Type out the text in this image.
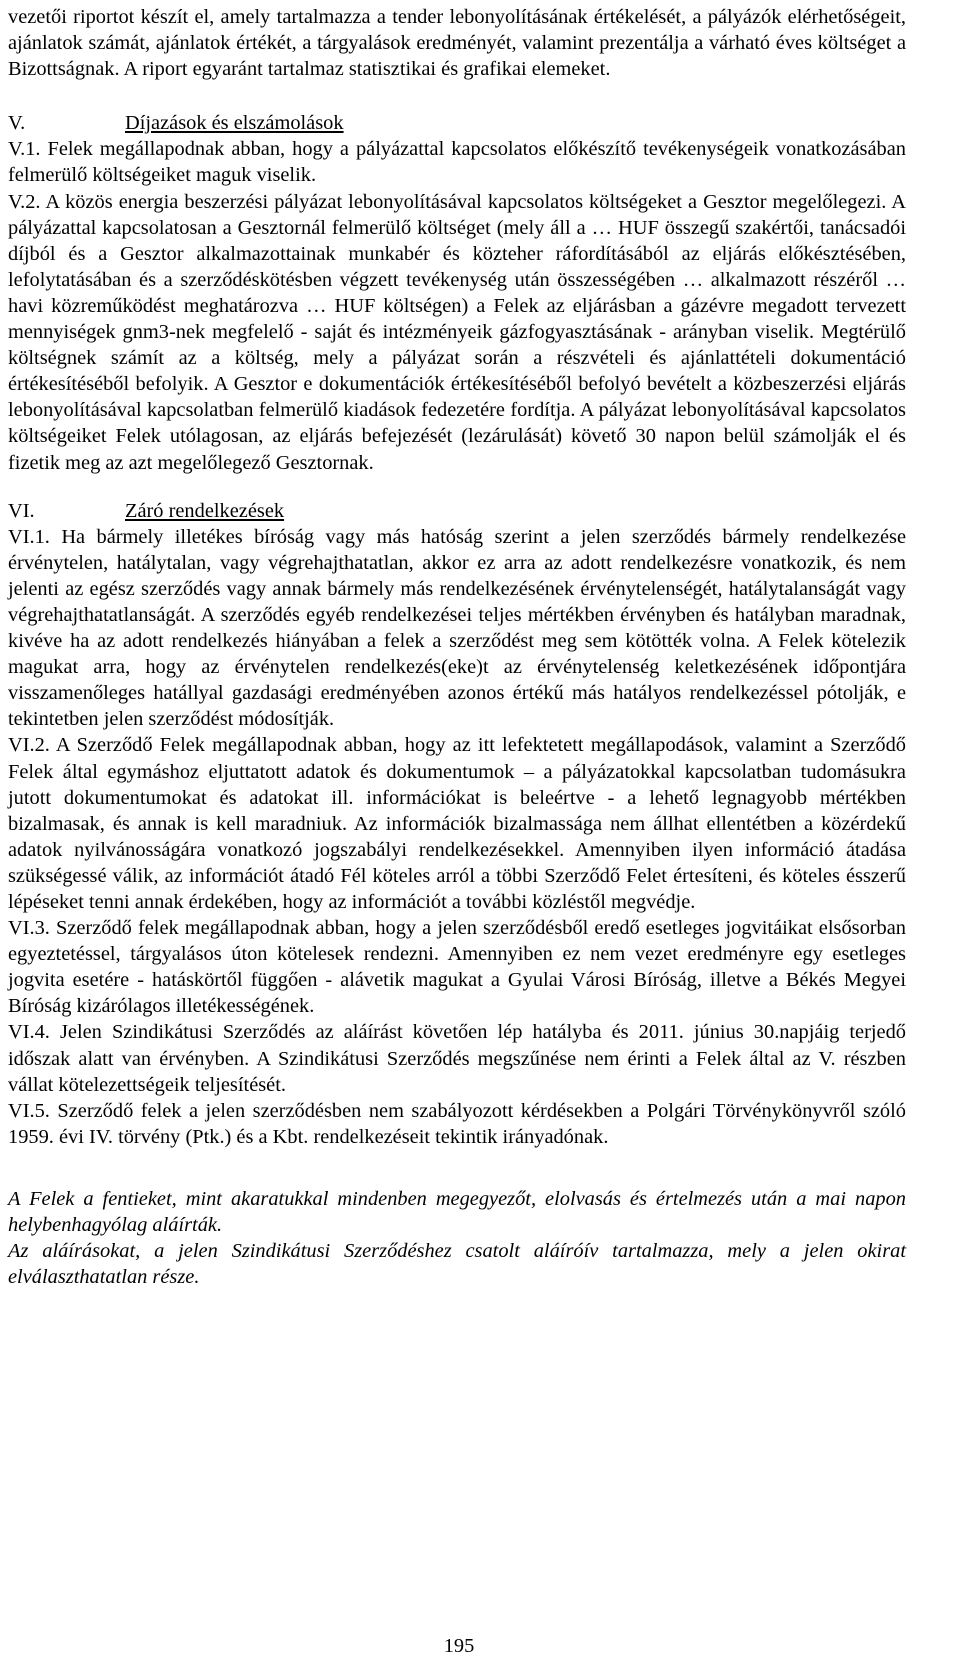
vezetői riportot készít el, amely tartalmazza a tender lebonyolításának értékelését, a pályázók elérhetőségeit, ajánlatok számát, ajánlatok értékét, a tárgyalások eredményét, valamint prezentálja a várható éves költséget a Bizottságnak. A riport egyaránt tartalmaz statisztikai és grafikai elemeket.

V.	Díjazások és elszámolások

V.1. Felek megállapodnak abban, hogy a pályázattal kapcsolatos előkészítő tevékenységeik vonatkozásában felmerülő költségeiket maguk viselik.

V.2. A közös energia beszerzési pályázat lebonyolításával kapcsolatos költségeket a Gesztor megelőlegezi. A pályázattal kapcsolatosan a Gesztornál felmerülő költséget (mely áll a … HUF összegű szakértői, tanácsadói díjból és a Gesztor alkalmazottainak munkabér és közteher ráfordításából az eljárás előkésztésében, lefolytatásában és a szerződéskötésben végzett tevékenység után összességében … alkalmazott részéről … havi közreműködést meghatározva … HUF költségen) a Felek az eljárásban a gázévre megadott tervezett mennyiségek gnm3-nek megfelelő - saját és intézményeik gázfogyasztásának - arányban viselik. Megtérülő költségnek számít az a költség, mely a pályázat során a részvételi és ajánlattételi dokumentáció értékesítéséből befolyik. A Gesztor e dokumentációk értékesítéséből befolyó bevételt a közbeszerzési eljárás lebonyolításával kapcsolatban felmerülő kiadások fedezetére fordítja. A pályázat lebonyolításával kapcsolatos költségeiket Felek utólagosan, az eljárás befejezését (lezárulását) követő 30 napon belül számolják el és fizetik meg az azt megelőlegező Gesztornak.

VI.	Záró rendelkezések

VI.1. Ha bármely illetékes bíróság vagy más hatóság szerint a jelen szerződés bármely rendelkezése érvénytelen, hatálytalan, vagy végrehajthatatlan, akkor ez arra az adott rendelkezésre vonatkozik, és nem jelenti az egész szerződés vagy annak bármely más rendelkezésének érvénytelenségét, hatálytalanságát vagy végrehajthatatlanságát. A szerződés egyéb rendelkezései teljes mértékben érvényben és hatályban maradnak, kivéve ha az adott rendelkezés hiányában a felek a szerződést meg sem kötötték volna. A Felek kötelezik magukat arra, hogy az érvénytelen rendelkezés(eke)t az érvénytelenség keletkezésének időpontjára visszamenőleges hatállyal gazdasági eredményében azonos értékű más hatályos rendelkezéssel pótolják, e tekintetben jelen szerződést módosítják.

VI.2. A Szerződő Felek megállapodnak abban, hogy az itt lefektetett megállapodások, valamint a Szerződő Felek által egymáshoz eljuttatott adatok és dokumentumok – a pályázatokkal kapcsolatban tudomásukra jutott dokumentumokat és adatokat ill. információkat is beleértve - a lehető legnagyobb mértékben bizalmasak, és annak is kell maradniuk. Az információk bizalmassága nem állhat ellentétben a közérdekű adatok nyilvánosságára vonatkozó jogszabályi rendelkezésekkel. Amennyiben ilyen információ átadása szükségessé válik, az információt átadó Fél köteles arról a többi Szerződő Felet értesíteni, és köteles ésszerű lépéseket tenni annak érdekében, hogy az információt a további közléstől megvédje.

VI.3. Szerződő felek megállapodnak abban, hogy a jelen szerződésből eredő esetleges jogvitáikat elsősorban egyeztetéssel, tárgyalásos úton kötelesek rendezni. Amennyiben ez nem vezet eredményre egy esetleges jogvita esetére - hatáskörtől függően - alávetik magukat a Gyulai Városi Bíróság, illetve a Békés Megyei Bíróság kizárólagos illetékességének.

VI.4. Jelen Szindikátusi Szerződés az aláírást követően lép hatályba és 2011. június 30.napjáig terjedő időszak alatt van érvényben. A Szindikátusi Szerződés megszűnése nem érinti a Felek által az V. részben vállat kötelezettségeik teljesítését.

VI.5. Szerződő felek a jelen szerződésben nem szabályozott kérdésekben a Polgári Törvénykönyvről szóló 1959. évi IV. törvény (Ptk.) és a Kbt. rendelkezéseit tekintik irányadónak.

A Felek a fentieket, mint akaratukkal mindenben megegyezőt, elolvasás és értelmezés után a mai napon helybenhagyólag aláírták.

Az aláírásokat, a jelen Szindikátusi Szerződéshez csatolt aláíróív tartalmazza, mely a jelen okirat elválaszthatatlan része.

195
